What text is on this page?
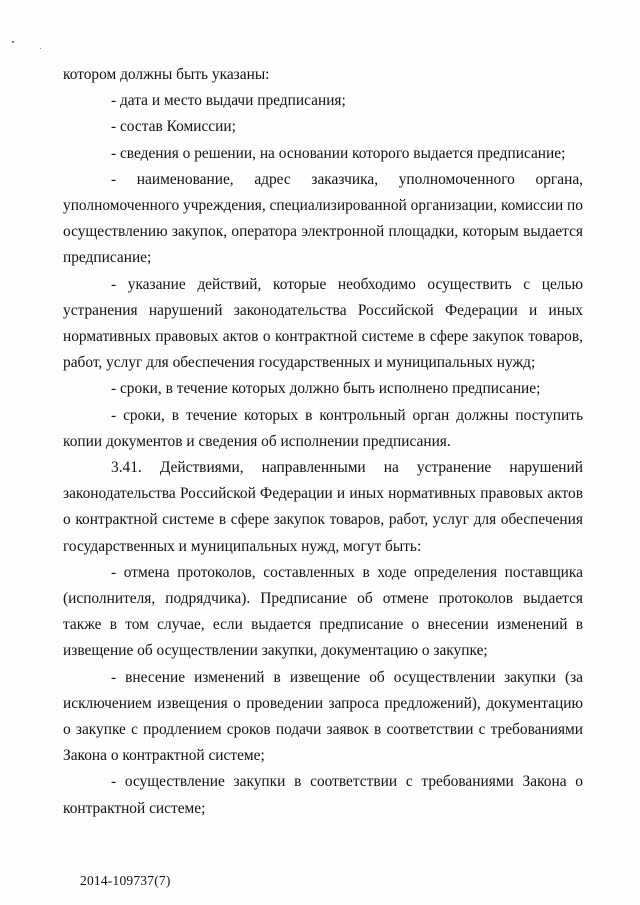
котором должны быть указаны:

- дата и место выдачи предписания;

- состав Комиссии;

- сведения о решении, на основании которого выдается предписание;

- наименование, адрес заказчика, уполномоченного органа, уполномоченного учреждения, специализированной организации, комиссии по осуществлению закупок, оператора электронной площадки, которым выдается предписание;

- указание действий, которые необходимо осуществить с целью устранения нарушений законодательства Российской Федерации и иных нормативных правовых актов о контрактной системе в сфере закупок товаров, работ, услуг для обеспечения государственных и муниципальных нужд;

- сроки, в течение которых должно быть исполнено предписание;

- сроки, в течение которых в контрольный орган должны поступить копии документов и сведения об исполнении предписания.

3.41. Действиями, направленными на устранение нарушений законодательства Российской Федерации и иных нормативных правовых актов о контрактной системе в сфере закупок товаров, работ, услуг для обеспечения государственных и муниципальных нужд, могут быть:

- отмена протоколов, составленных в ходе определения поставщика (исполнителя, подрядчика). Предписание об отмене протоколов выдается также в том случае, если выдается предписание о внесении изменений в извещение об осуществлении закупки, документацию о закупке;

- внесение изменений в извещение об осуществлении закупки (за исключением извещения о проведении запроса предложений), документацию о закупке с продлением сроков подачи заявок в соответствии с требованиями Закона о контрактной системе;

- осуществление закупки в соответствии с требованиями Закона о контрактной системе;

2014-109737(7)
